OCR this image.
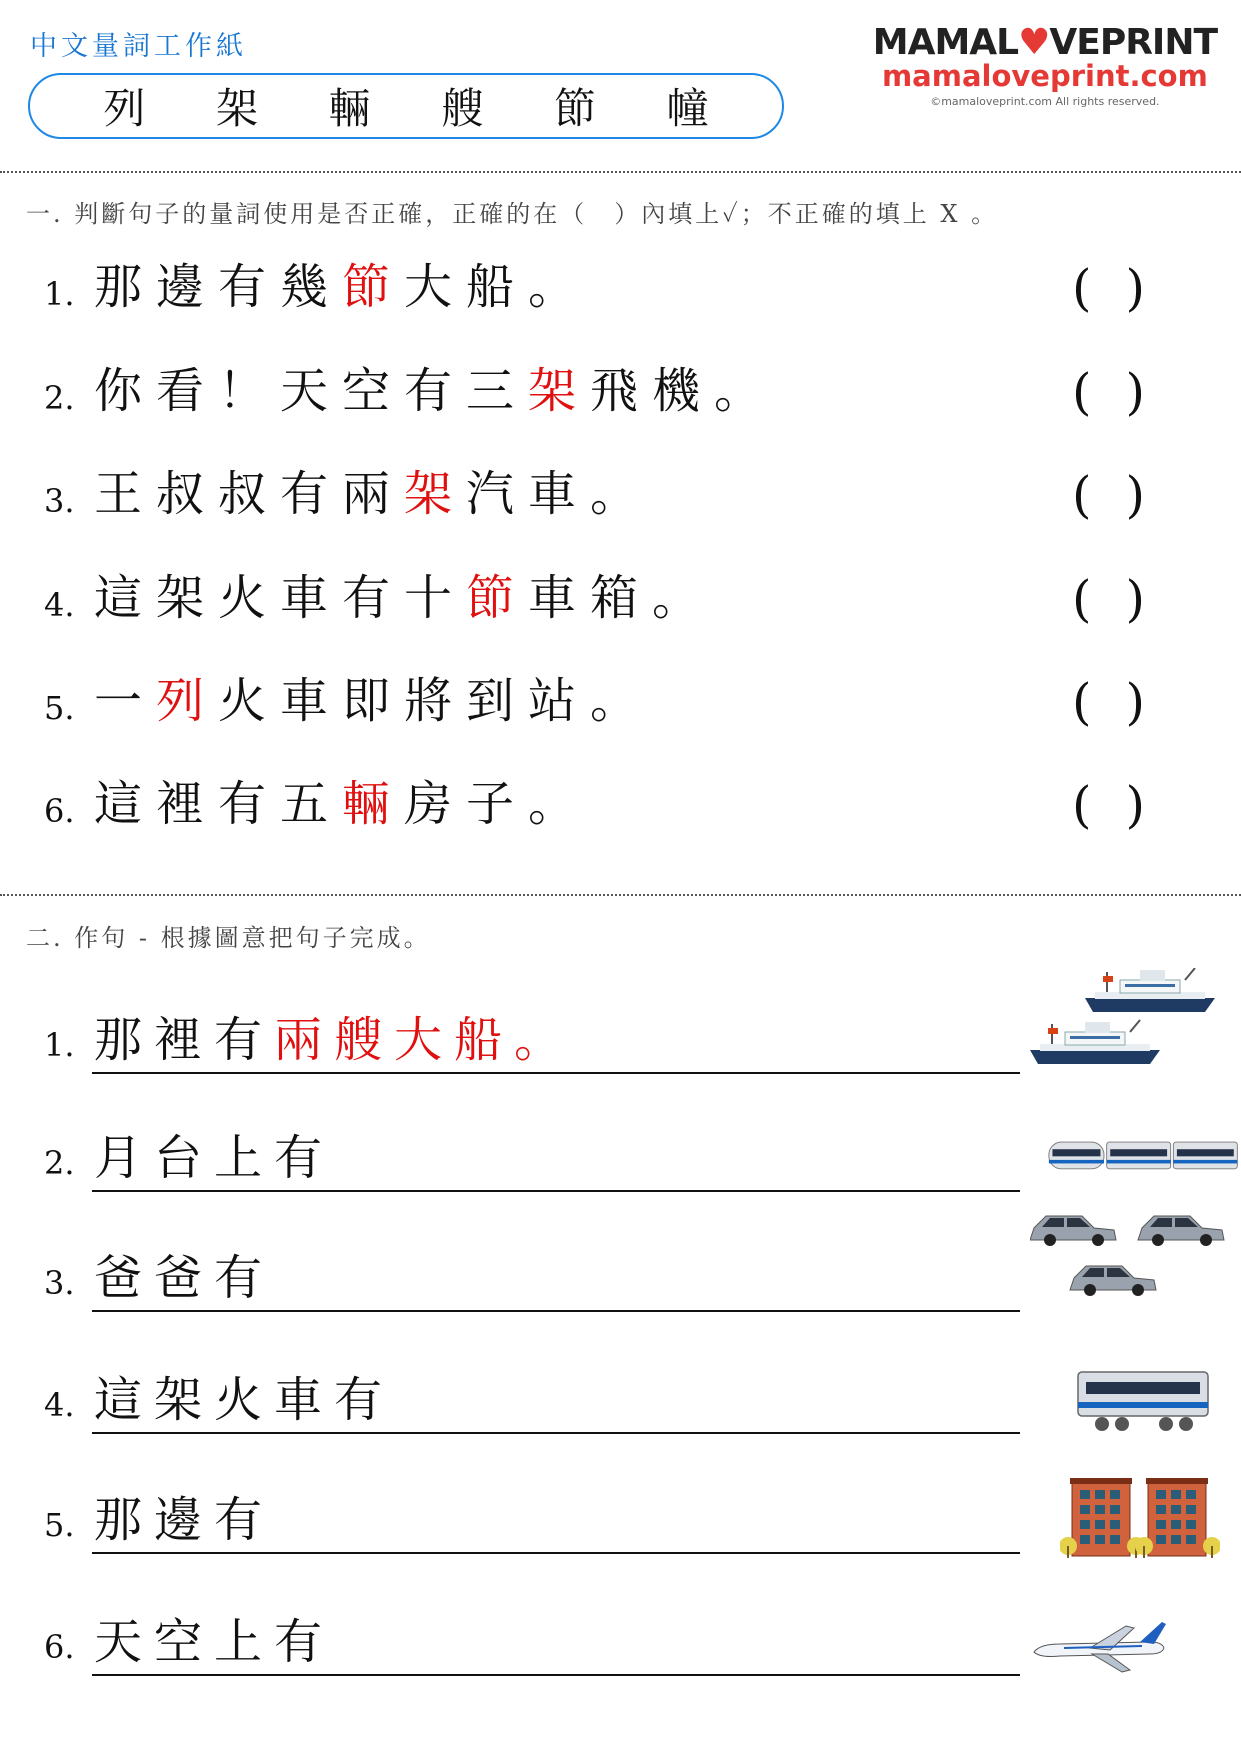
中文量詞工作紙
列 架 輛 艘 節 幢
MAMAL♥VEPRINT
mamaloveprint.com
©mamaloveprint.com All rights reserved.
一. 判斷句子的量詞使用是否正確，正確的在（　）內填上✓；不正確的填上 X 。
1. 那邊有幾節大船。	()
2. 你看！天空有三架飛機。	()
3. 王叔叔有兩架汽車。	()
4. 這架火車有十節車箱。	()
5. 一列火車即將到站。	()
6. 這裡有五輛房子。	()
二. 作句 - 根據圖意把句子完成。
1. 那裡有兩艘大船。
2. 月台上有
3. 爸爸有
4. 這架火車有
5. 那邊有
6. 天空上有
